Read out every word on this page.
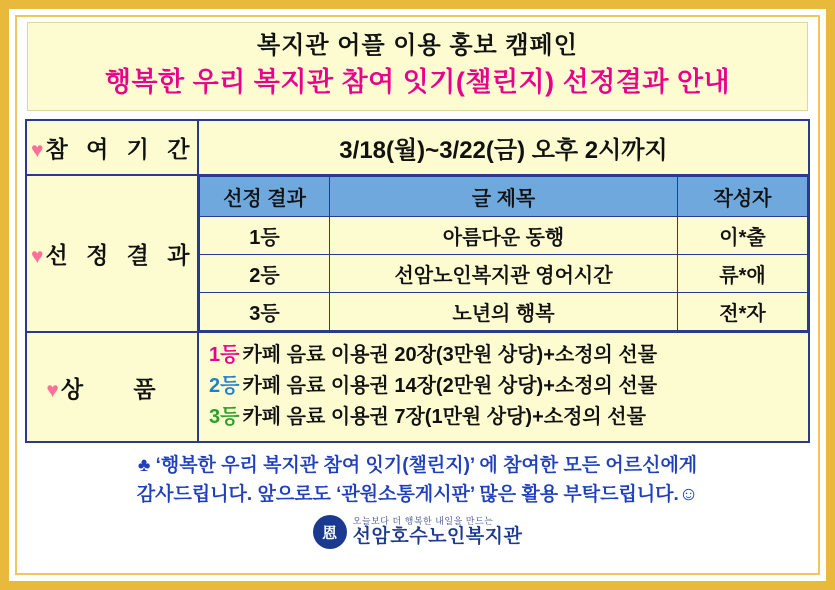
복지관 어플 이용 홍보 캠페인
행복한 우리 복지관 참여 잇기(챌린지) 선정결과 안내
♥참 여 기 간	3/18(월)~3/22(금) 오후 2시까지
♥선 정 결 과	
선정 결과	글 제목	작성자
1등	아름다운 동행	이*출
2등	선암노인복지관 영어시간	류*애
3등	노년의 행복	전*자

♥상 품	
1등 카페 음료 이용권 20장(3만원 상당)+소정의 선물
2등 카페 음료 이용권 14장(2만원 상당)+소정의 선물
3등 카페 음료 이용권 7장(1만원 상당)+소정의 선물
♣ ‘행복한 우리 복지관 참여 잇기(챌린지)’ 에 참여한 모든 어르신에게
감사드립니다. 앞으로도 ‘관원소통게시판’ 많은 활용 부탁드립니다.☺
恩
오늘보다 더 행복한 내일을 만드는
선암호수노인복지관
